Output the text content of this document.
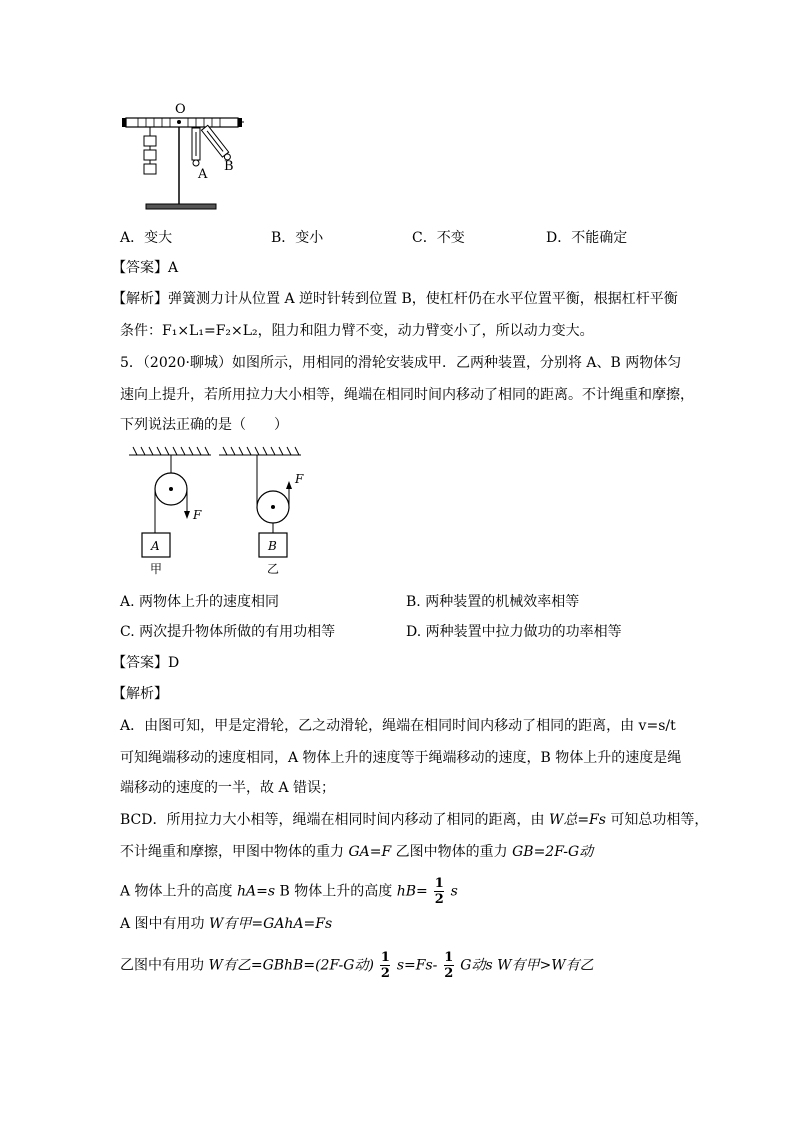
O
A
B
A．变大	B．变小	C．不变	D．不能确定
【答案】A
【解析】弹簧测力计从位置 A 逆时针转到位置 B，使杠杆仍在水平位置平衡，根据杠杆平衡
条件：F₁×L₁=F₂×L₂，阻力和阻力臂不变，动力臂变小了，所以动力变大。
5．（2020·聊城）如图所示，用相同的滑轮安装成甲．乙两种装置，分别将 A、B 两物体匀
速向上提升，若所用拉力大小相等，绳端在相同时间内移动了相同的距离。不计绳重和摩擦，
下列说法正确的是（　　）
F
A
F
B
甲	乙
A. 两物体上升的速度相同	B. 两种装置的机械效率相等
C. 两次提升物体所做的有用功相等	D. 两种装置中拉力做功的功率相等
【答案】D
【解析】
A．由图可知，甲是定滑轮，乙之动滑轮，绳端在相同时间内移动了相同的距离，由 v=s/t
可知绳端移动的速度相同，A 物体上升的速度等于绳端移动的速度，B 物体上升的速度是绳
端移动的速度的一半，故 A 错误；
BCD．所用拉力大小相等，绳端在相同时间内移动了相同的距离，由 W总=Fs 可知总功相等，
不计绳重和摩擦，甲图中物体的重力 GA=F 乙图中物体的重力 GB=2F-G动
A 物体上升的高度 hA=s B 物体上升的高度 $hB= \frac{1}{2}$ s
A 图中有用功 W有甲=GAhA=Fs
乙图中有用功 W有乙=GBhB=(2F-G动) $\frac{1}{2} s=Fs- \frac{1}{2}$ G动s W有甲>W有乙
